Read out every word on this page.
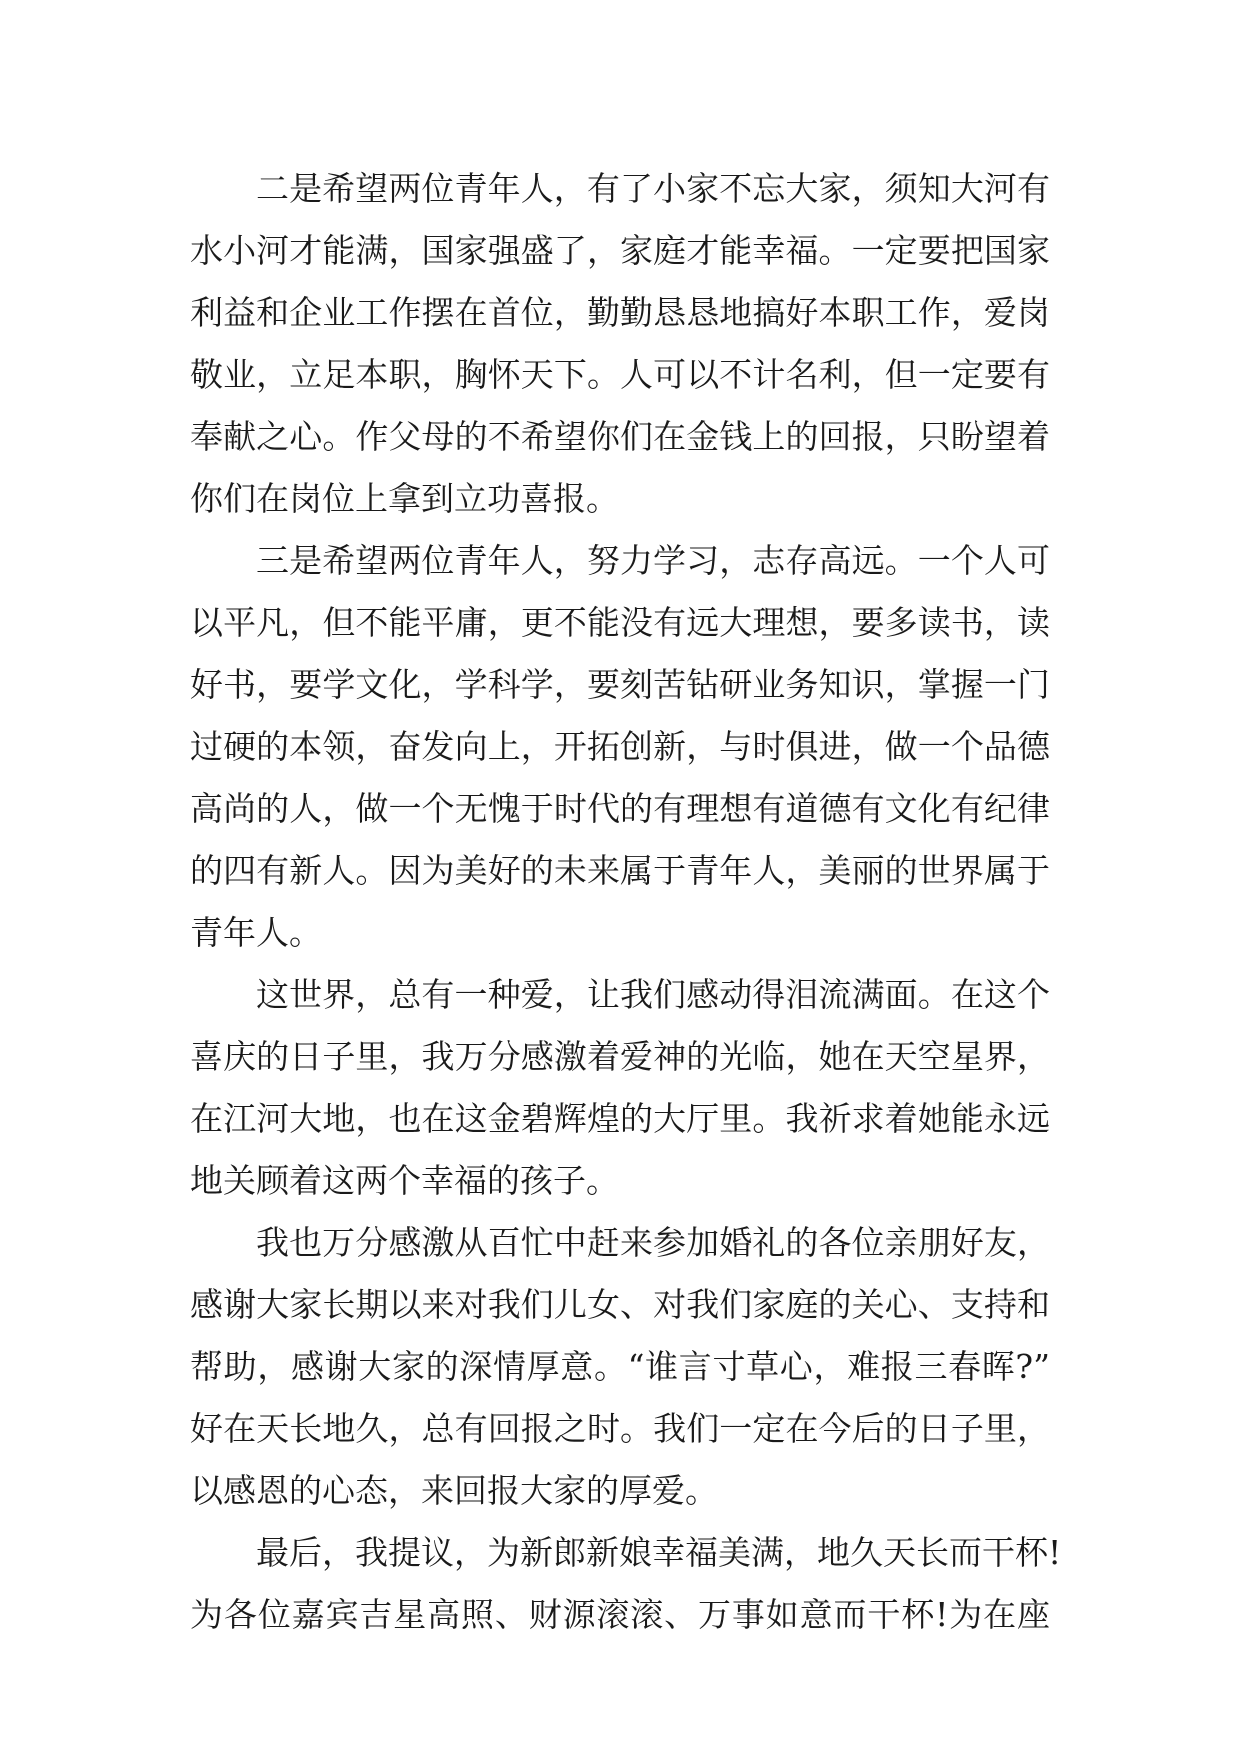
二是希望两位青年人，有了小家不忘大家，须知大河有
水小河才能满，国家强盛了，家庭才能幸福。一定要把国家
利益和企业工作摆在首位，勤勤恳恳地搞好本职工作，爱岗
敬业，立足本职，胸怀天下。人可以不计名利，但一定要有
奉献之心。作父母的不希望你们在金钱上的回报，只盼望着
你们在岗位上拿到立功喜报。
三是希望两位青年人，努力学习，志存高远。一个人可
以平凡，但不能平庸，更不能没有远大理想，要多读书，读
好书，要学文化，学科学，要刻苦钻研业务知识，掌握一门
过硬的本领，奋发向上，开拓创新，与时俱进，做一个品德
高尚的人，做一个无愧于时代的有理想有道德有文化有纪律
的四有新人。因为美好的未来属于青年人，美丽的世界属于
青年人。
这世界，总有一种爱，让我们感动得泪流满面。在这个
喜庆的日子里，我万分感激着爱神的光临，她在天空星界，
在江河大地，也在这金碧辉煌的大厅里。我祈求着她能永远
地关顾着这两个幸福的孩子。
我也万分感激从百忙中赶来参加婚礼的各位亲朋好友，
感谢大家长期以来对我们儿女、对我们家庭的关心、支持和
帮助，感谢大家的深情厚意。“谁言寸草心，难报三春晖?”
好在天长地久，总有回报之时。我们一定在今后的日子里，
以感恩的心态，来回报大家的厚爱。
最后，我提议，为新郎新娘幸福美满，地久天长而干杯!
为各位嘉宾吉星高照、财源滚滚、万事如意而干杯!为在座
